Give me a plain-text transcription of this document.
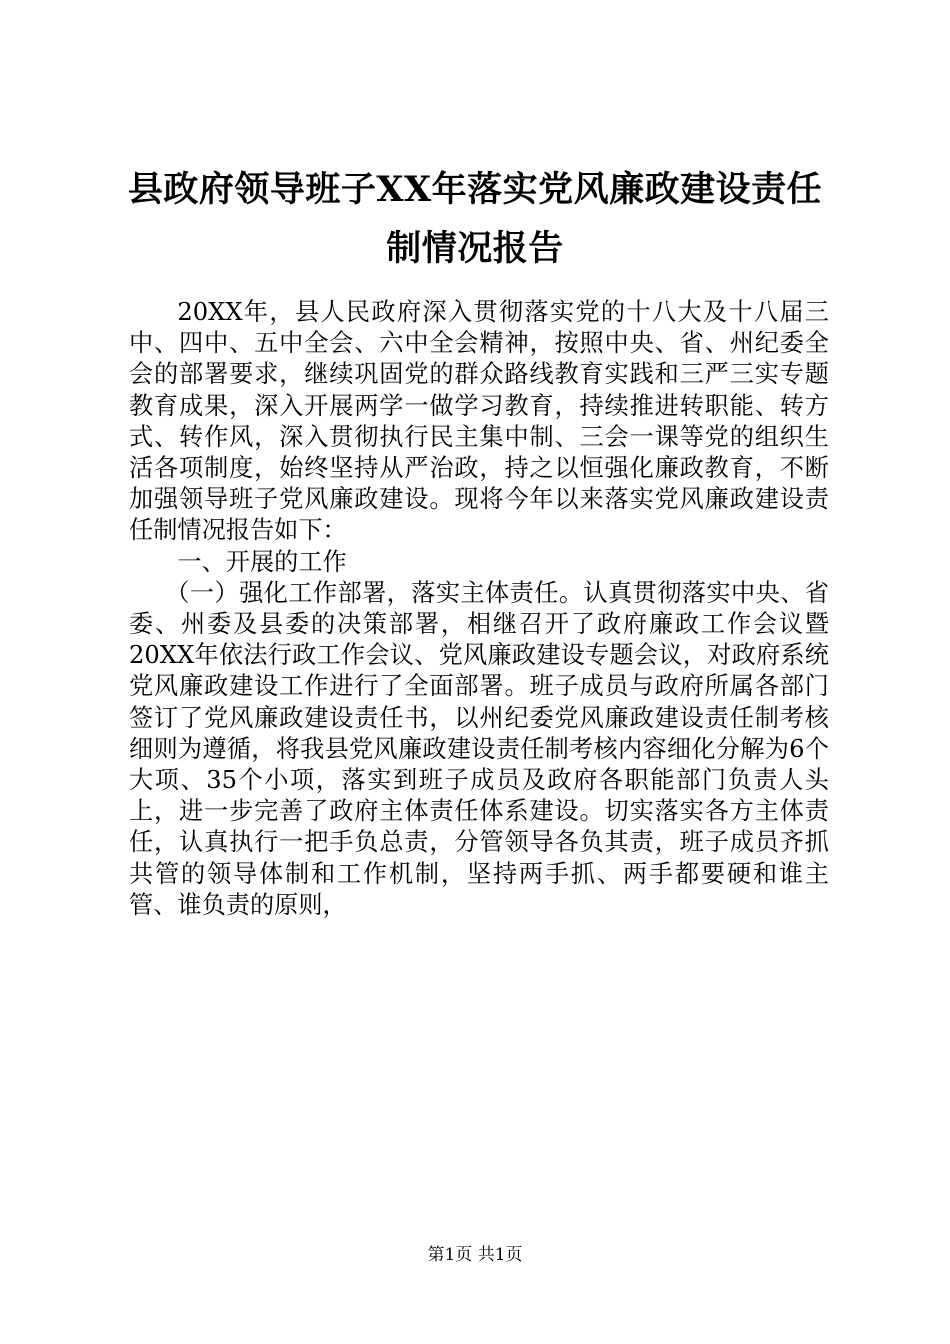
县政府领导班子XX年落实党风廉政建设责任
制情况报告

20XX年，县人民政府深入贯彻落实党的十八大及十八届三中、四中、五中全会、六中全会精神，按照中央、省、州纪委全会的部署要求，继续巩固党的群众路线教育实践和三严三实专题教育成果，深入开展两学一做学习教育，持续推进转职能、转方式、转作风，深入贯彻执行民主集中制、三会一课等党的组织生活各项制度，始终坚持从严治政，持之以恒强化廉政教育，不断加强领导班子党风廉政建设。现将今年以来落实党风廉政建设责任制情况报告如下：

一、开展的工作

（一）强化工作部署，落实主体责任。认真贯彻落实中央、省委、州委及县委的决策部署，相继召开了政府廉政工作会议暨20XX年依法行政工作会议、党风廉政建设专题会议，对政府系统党风廉政建设工作进行了全面部署。班子成员与政府所属各部门签订了党风廉政建设责任书，以州纪委党风廉政建设责任制考核细则为遵循，将我县党风廉政建设责任制考核内容细化分解为6个大项、35个小项，落实到班子成员及政府各职能部门负责人头上，进一步完善了政府主体责任体系建设。切实落实各方主体责任，认真执行一把手负总责，分管领导各负其责，班子成员齐抓共管的领导体制和工作机制，坚持两手抓、两手都要硬和谁主管、谁负责的原则，

第1页 共1页
